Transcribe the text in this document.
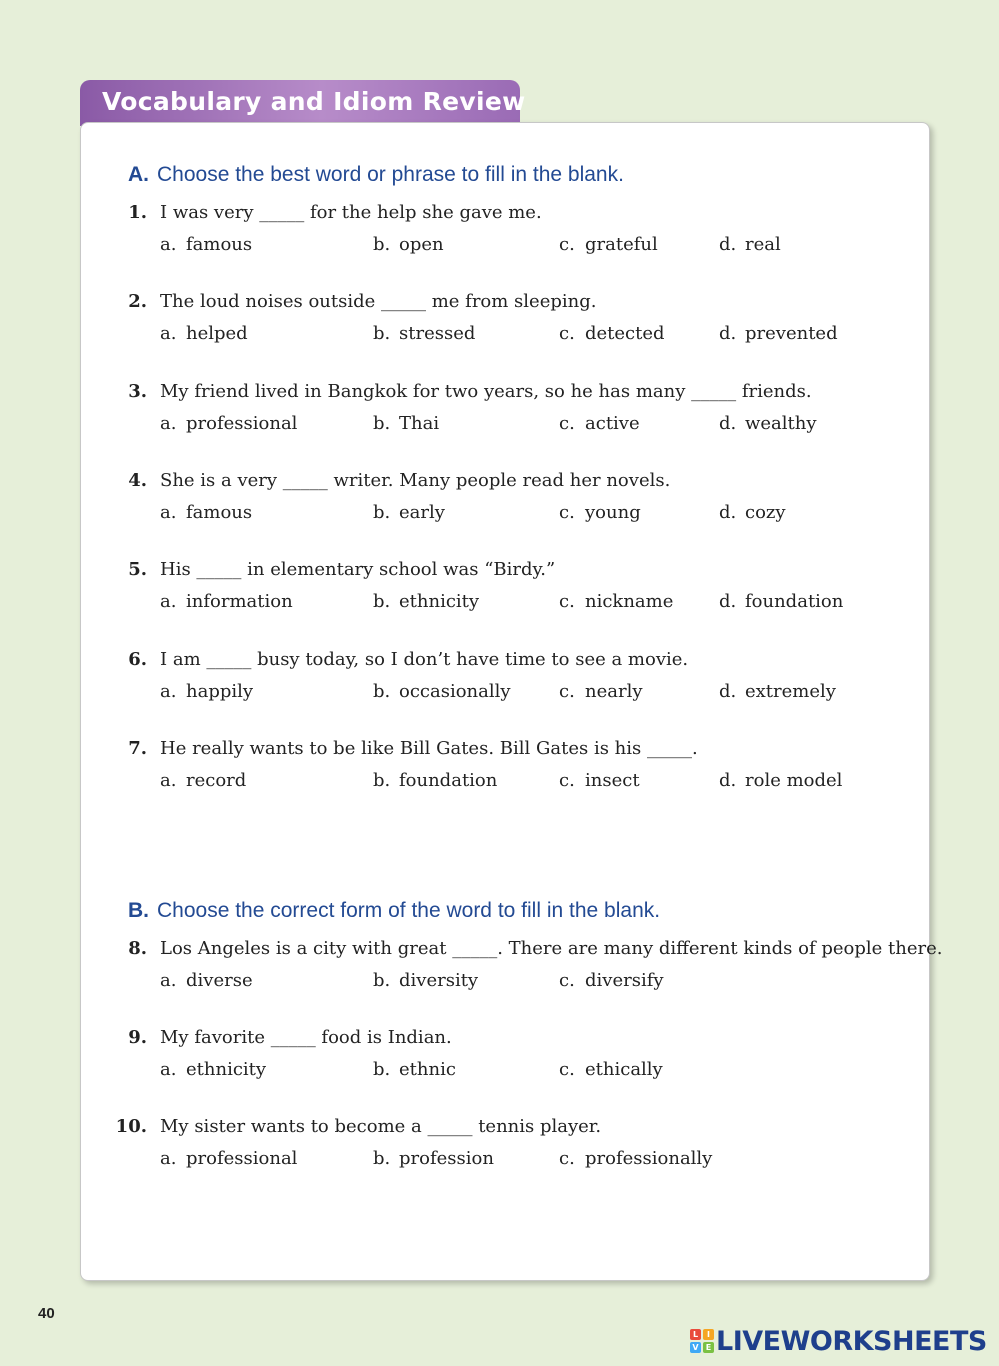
Vocabulary and Idiom Review
A. Choose the best word or phrase to fill in the blank.
1. I was very _____ for the help she gave me.
a. famous	b. open	c. grateful	d. real
2. The loud noises outside _____ me from sleeping.
a. helped	b. stressed	c. detected	d. prevented
3. My friend lived in Bangkok for two years, so he has many _____ friends.
a. professional	b. Thai	c. active	d. wealthy
4. She is a very _____ writer. Many people read her novels.
a. famous	b. early	c. young	d. cozy
5. His _____ in elementary school was “Birdy.”
a. information	b. ethnicity	c. nickname	d. foundation
6. I am _____ busy today, so I don’t have time to see a movie.
a. happily	b. occasionally	c. nearly	d. extremely
7. He really wants to be like Bill Gates. Bill Gates is his _____.
a. record	b. foundation	c. insect	d. role model
B. Choose the correct form of the word to fill in the blank.
8. Los Angeles is a city with great _____. There are many different kinds of people there.
a. diverse	b. diversity	c. diversify
9. My favorite _____ food is Indian.
a. ethnicity	b. ethnic	c. ethically
10. My sister wants to become a _____ tennis player.
a. professional	b. profession	c. professionally
40
L	I
V E LIVEWORKSHEETS
